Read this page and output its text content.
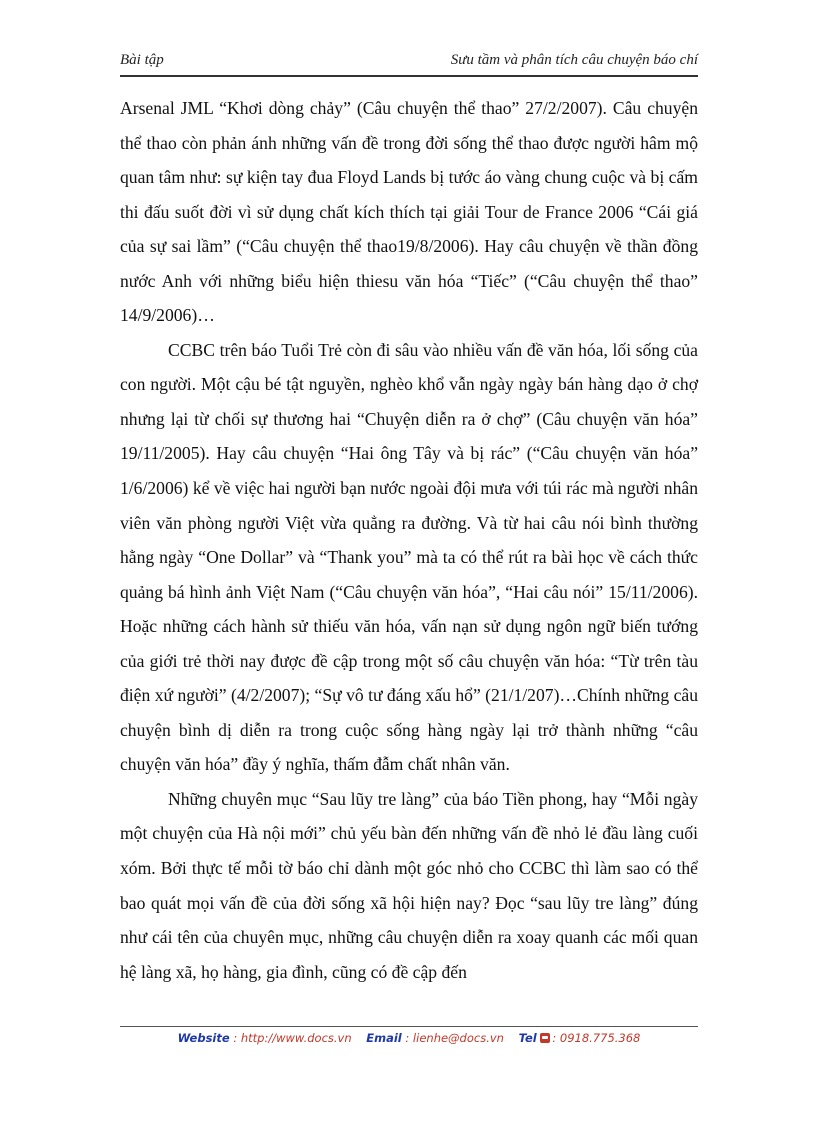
Bài tập	Sưu tầm và phân tích câu chuyện báo chí

Arsenal JML “Khơi dòng chảy” (Câu chuyện thể thao” 27/2/2007). Câu chuyện thể thao còn phản ánh những vấn đề trong đời sống thể thao được người hâm mộ quan tâm như: sự kiện tay đua Floyd Lands bị tước áo vàng chung cuộc và bị cấm thi đấu suốt đời vì sử dụng chất kích thích tại giải Tour de France 2006 “Cái giá của sự sai lầm” (“Câu chuyện thể thao19/8/2006). Hay câu chuyện về thần đồng nước Anh với những biểu hiện thiesu văn hóa “Tiếc” (“Câu chuyện thể thao” 14/9/2006)…

CCBC trên báo Tuổi Trẻ còn đi sâu vào nhiều vấn đề văn hóa, lối sống của con người. Một cậu bé tật nguyền, nghèo khổ vẫn ngày ngày bán hàng dạo ở chợ nhưng lại từ chối sự thương hai “Chuyện diễn ra ở chợ” (Câu chuyện văn hóa” 19/11/2005). Hay câu chuyện “Hai ông Tây và bị rác” (“Câu chuyện văn hóa” 1/6/2006) kể về việc hai người bạn nước ngoài đội mưa với túi rác mà người nhân viên văn phòng người Việt vừa quẳng ra đường. Và từ hai câu nói bình thường hằng ngày “One Dollar” và “Thank you” mà ta có thể rút ra bài học về cách thức quảng bá hình ảnh Việt Nam (“Câu chuyện văn hóa”, “Hai câu nói” 15/11/2006). Hoặc những cách hành sử thiếu văn hóa, vấn nạn sử dụng ngôn ngữ biến tướng của giới trẻ thời nay được đề cập trong một số câu chuyện văn hóa: “Từ trên tàu điện xứ người” (4/2/2007); “Sự vô tư đáng xấu hổ” (21/1/207)…Chính những câu chuyện bình dị diễn ra trong cuộc sống hàng ngày lại trở thành những “câu chuyện văn hóa” đầy ý nghĩa, thấm đẫm chất nhân văn.

Những chuyên mục “Sau lũy tre làng” của báo Tiền phong, hay “Mỗi ngày một chuyện của Hà nội mới” chủ yếu bàn đến những vấn đề nhỏ lẻ đầu làng cuối xóm. Bởi thực tế mỗi tờ báo chỉ dành một góc nhỏ cho CCBC thì làm sao có thể bao quát mọi vấn đề của đời sống xã hội hiện nay? Đọc “sau lũy tre làng” đúng như cái tên của chuyên mục, những câu chuyện diễn ra xoay quanh các mối quan hệ làng xã, họ hàng, gia đình, cũng có đề cập đến

Website : http://www.docs.vn Email : lienhe@docs.vn Tel : 0918.775.368
